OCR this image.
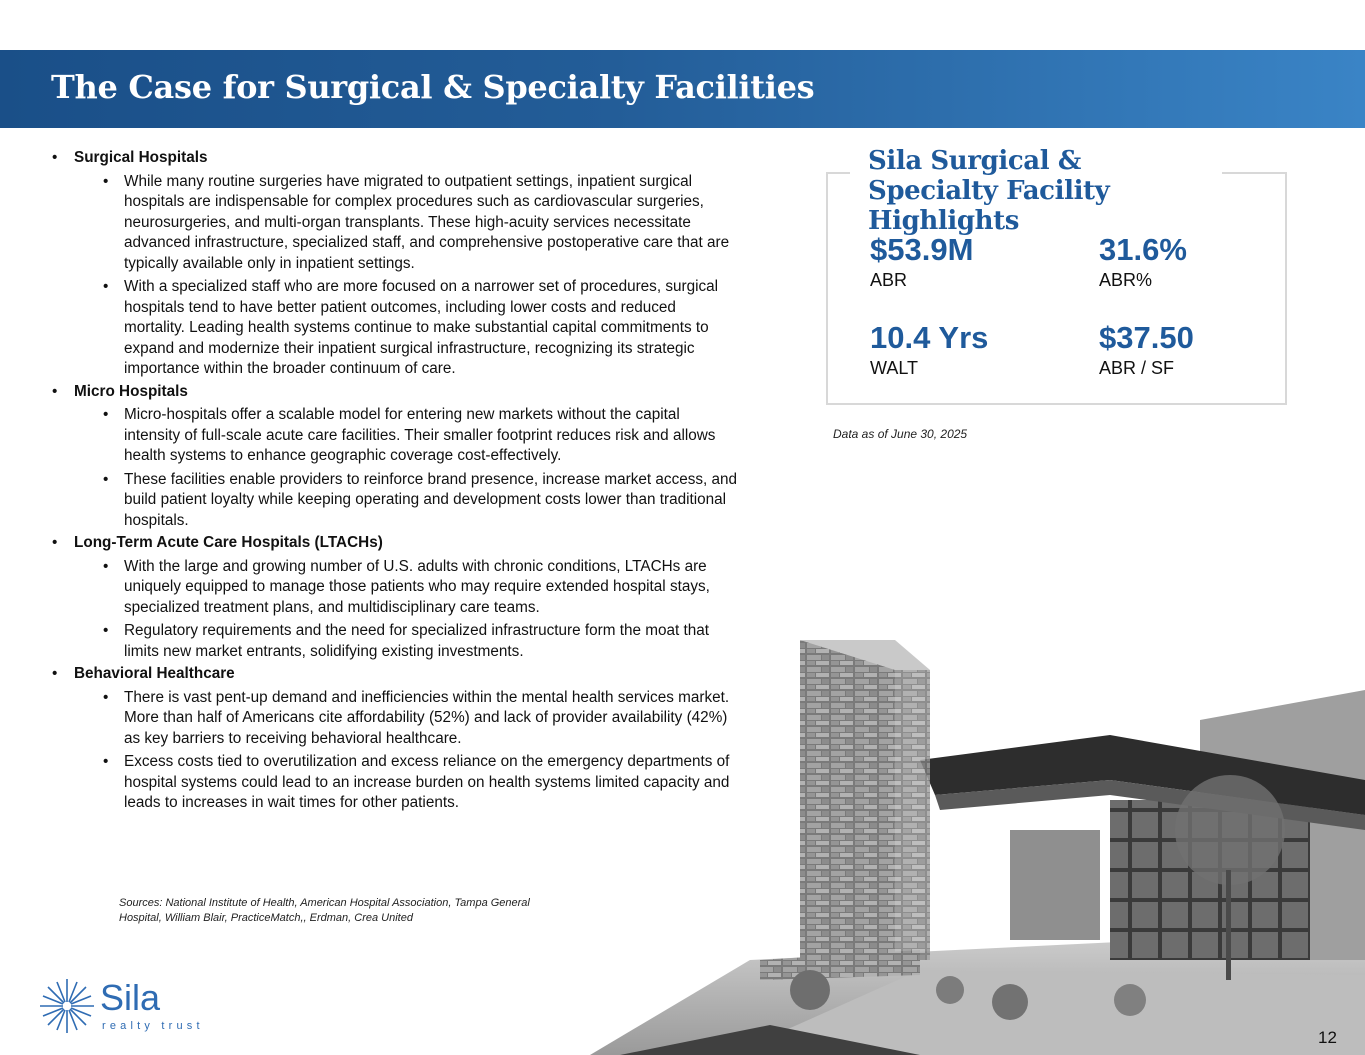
The Case for Surgical & Specialty Facilities
• Surgical Hospitals
• While many routine surgeries have migrated to outpatient settings, inpatient surgical hospitals are indispensable for complex procedures such as cardiovascular surgeries, neurosurgeries, and multi-organ transplants. These high-acuity services necessitate advanced infrastructure, specialized staff, and comprehensive postoperative care that are typically available only in inpatient settings.
• With a specialized staff who are more focused on a narrower set of procedures, surgical hospitals tend to have better patient outcomes, including lower costs and reduced mortality. Leading health systems continue to make substantial capital commitments to expand and modernize their inpatient surgical infrastructure, recognizing its strategic importance within the broader continuum of care.
• Micro Hospitals
• Micro-hospitals offer a scalable model for entering new markets without the capital intensity of full-scale acute care facilities. Their smaller footprint reduces risk and allows health systems to enhance geographic coverage cost-effectively.
• These facilities enable providers to reinforce brand presence, increase market access, and build patient loyalty while keeping operating and development costs lower than traditional hospitals.
• Long-Term Acute Care Hospitals (LTACHs)
• With the large and growing number of U.S. adults with chronic conditions, LTACHs are uniquely equipped to manage those patients who may require extended hospital stays, specialized treatment plans, and multidisciplinary care teams.
• Regulatory requirements and the need for specialized infrastructure form the moat that limits new market entrants, solidifying existing investments.
• Behavioral Healthcare
• There is vast pent-up demand and inefficiencies within the mental health services market. More than half of Americans cite affordability (52%) and lack of provider availability (42%) as key barriers to receiving behavioral healthcare.
• Excess costs tied to overutilization and excess reliance on the emergency departments of hospital systems could lead to an increase burden on health systems limited capacity and leads to increases in wait times for other patients.
Sources: National Institute of Health, American Hospital Association, Tampa General Hospital, William Blair, PracticeMatch,, Erdman, Crea United
Sila Surgical & Specialty Facility Highlights
$53.9M
ABR
31.6%
ABR%
10.4 Yrs
WALT
$37.50
ABR / SF
Data as of June 30, 2025
Sila
realty trust
12
